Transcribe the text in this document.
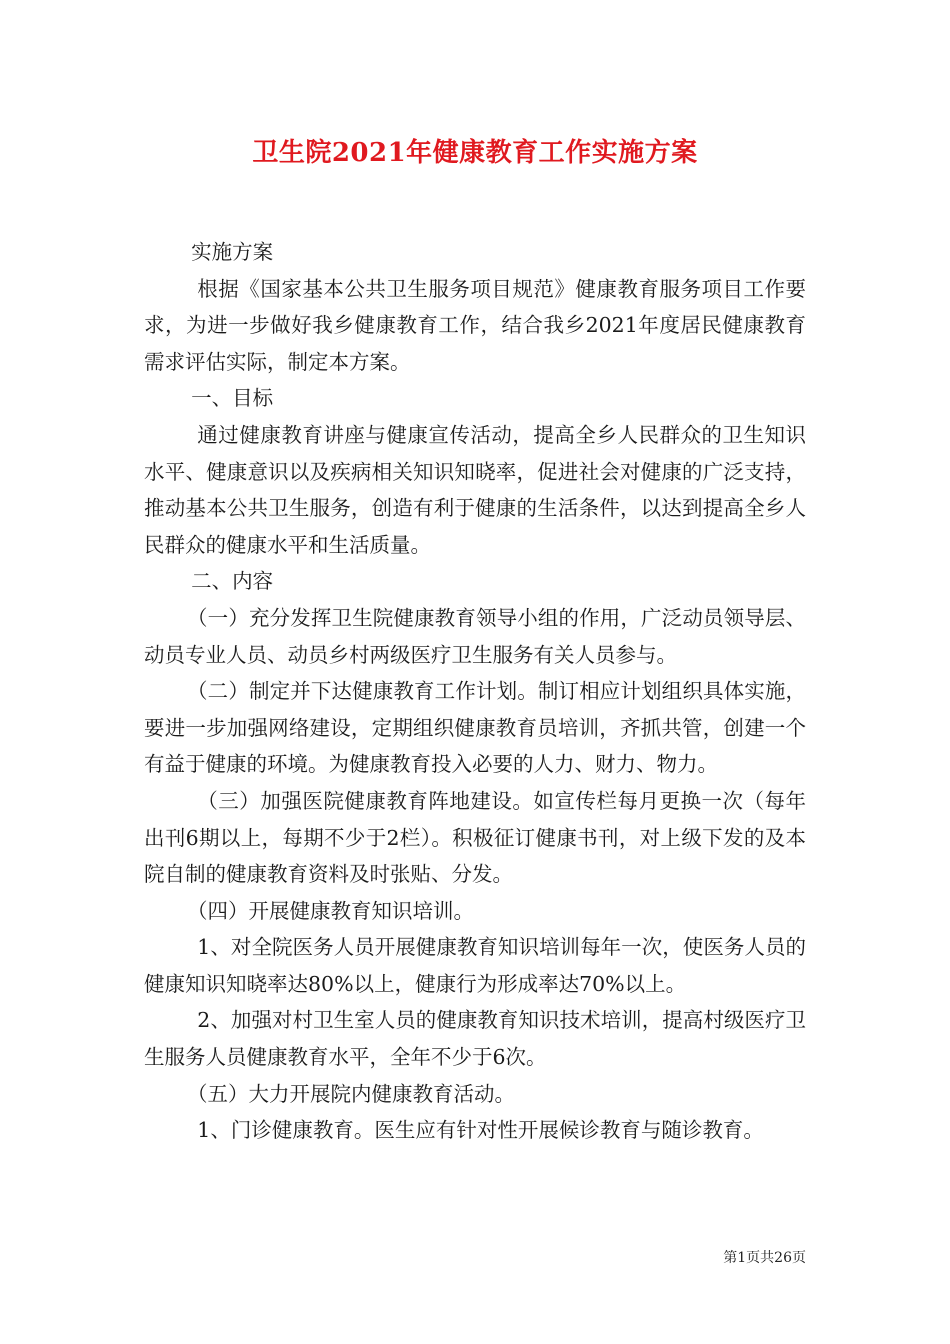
卫生院2021年健康教育工作实施方案

实施方案

根据《国家基本公共卫生服务项目规范》健康教育服务项目工作要求，为进一步做好我乡健康教育工作，结合我乡2021年度居民健康教育需求评估实际，制定本方案。

一、目标

通过健康教育讲座与健康宣传活动，提高全乡人民群众的卫生知识水平、健康意识以及疾病相关知识知晓率，促进社会对健康的广泛支持，推动基本公共卫生服务，创造有利于健康的生活条件，以达到提高全乡人民群众的健康水平和生活质量。

二、内容

（一）充分发挥卫生院健康教育领导小组的作用，广泛动员领导层、动员专业人员、动员乡村两级医疗卫生服务有关人员参与。

（二）制定并下达健康教育工作计划。制订相应计划组织具体实施，要进一步加强网络建设，定期组织健康教育员培训，齐抓共管，创建一个有益于健康的环境。为健康教育投入必要的人力、财力、物力。

（三）加强医院健康教育阵地建设。如宣传栏每月更换一次（每年出刊6期以上，每期不少于2栏）。积极征订健康书刊，对上级下发的及本院自制的健康教育资料及时张贴、分发。

（四）开展健康教育知识培训。

1、对全院医务人员开展健康教育知识培训每年一次，使医务人员的健康知识知晓率达80%以上，健康行为形成率达70%以上。

2、加强对村卫生室人员的健康教育知识技术培训，提高村级医疗卫生服务人员健康教育水平，全年不少于6次。

（五）大力开展院内健康教育活动。

1、门诊健康教育。医生应有针对性开展候诊教育与随诊教育。

第1页共26页
